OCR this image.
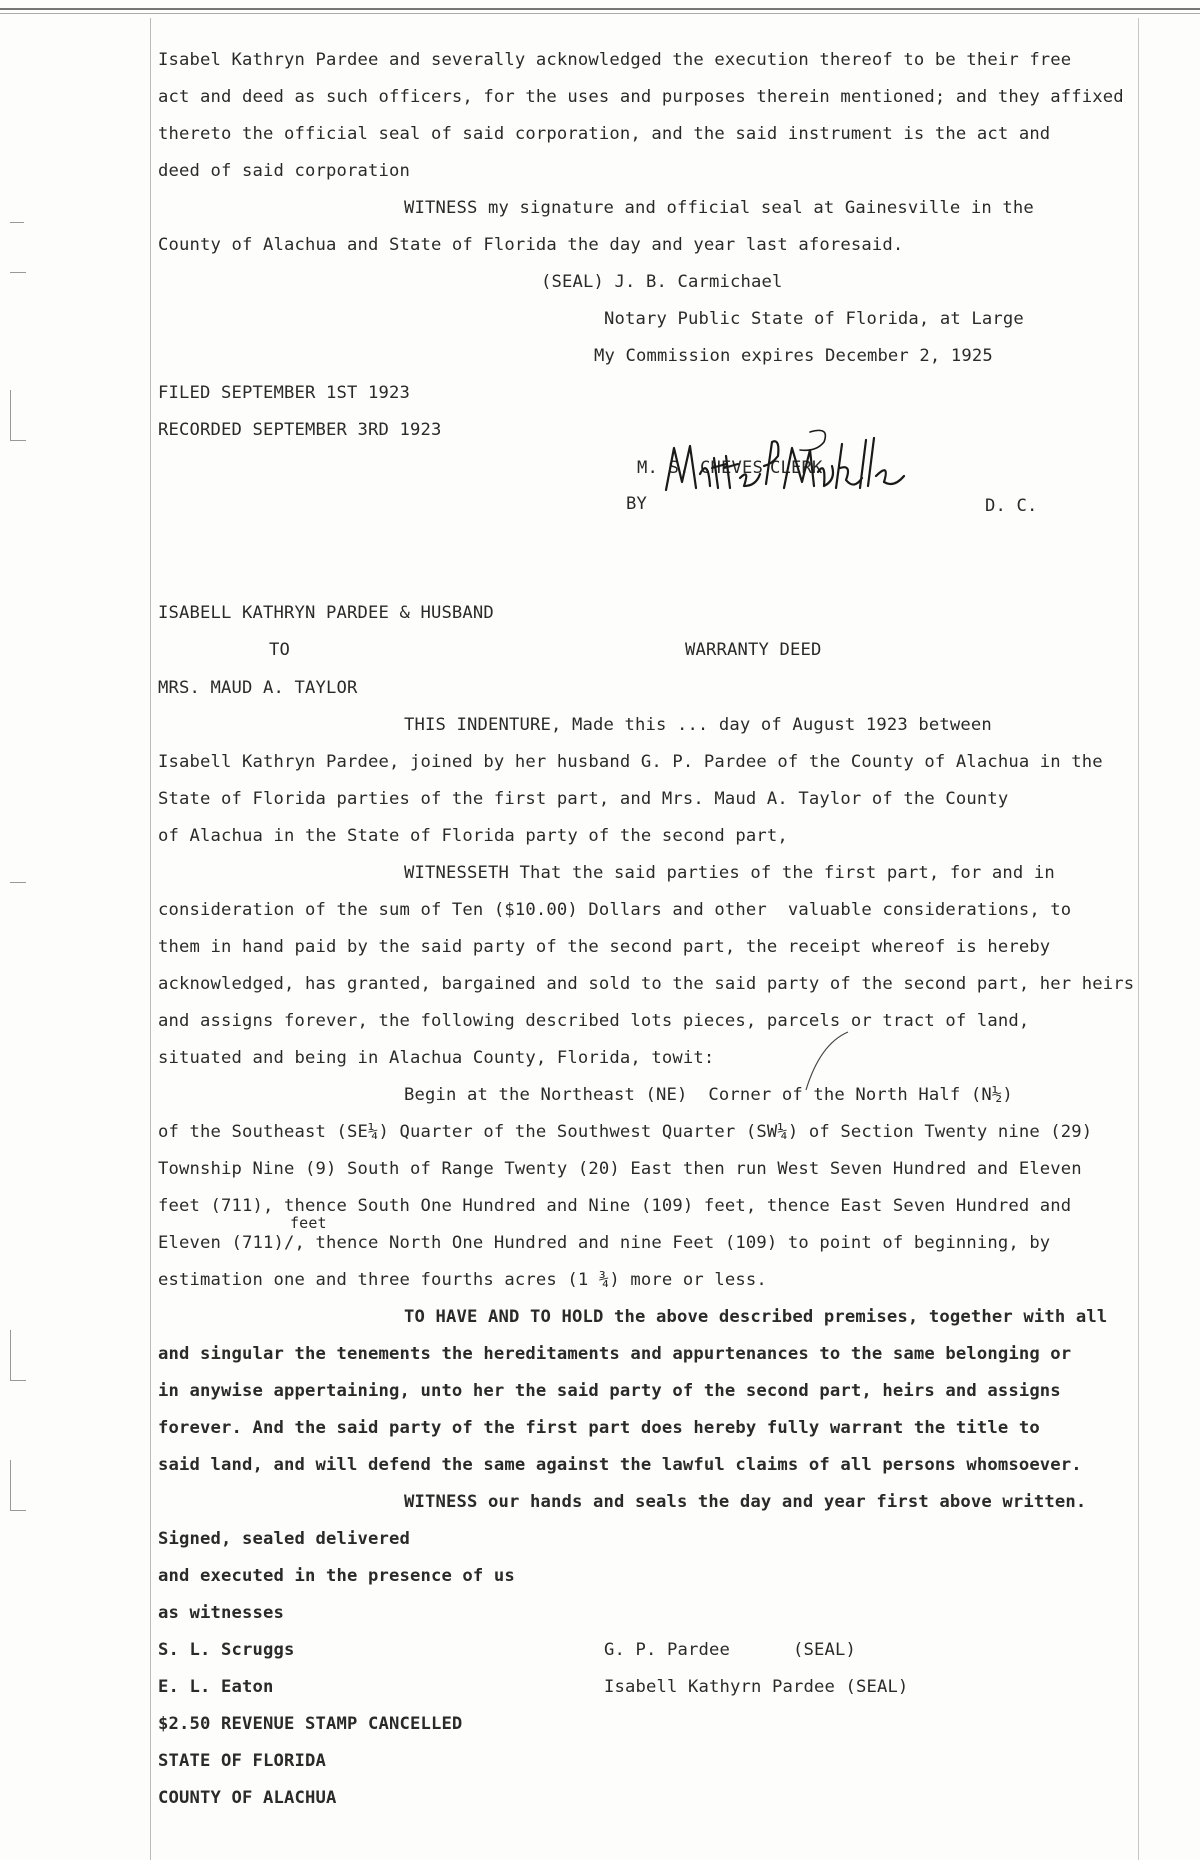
Isabel Kathryn Pardee and severally acknowledged the execution thereof to be their free
act and deed as such officers, for the uses and purposes therein mentioned; and they affixed
thereto the official seal of said corporation, and the said instrument is the act and
deed of said corporation
WITNESS my signature and official seal at Gainesville in the
County of Alachua and State of Florida the day and year last aforesaid.
(SEAL) J. B. Carmichael
Notary Public State of Florida, at Large
My Commission expires December 2, 1925
FILED SEPTEMBER 1ST 1923
RECORDED SEPTEMBER 3RD 1923
M. S. CHEVES CLERK
BY	D. C.
ISABELL KATHRYN PARDEE & HUSBAND
TO	WARRANTY DEED
MRS. MAUD A. TAYLOR
THIS INDENTURE, Made this ... day of August 1923 between
Isabell Kathryn Pardee, joined by her husband G. P. Pardee of the County of Alachua in the
State of Florida parties of the first part, and Mrs. Maud A. Taylor of the County
of Alachua in the State of Florida party of the second part,
WITNESSETH That the said parties of the first part, for and in
consideration of the sum of Ten ($10.00) Dollars and other  valuable considerations, to
them in hand paid by the said party of the second part, the receipt whereof is hereby
acknowledged, has granted, bargained and sold to the said party of the second part, her heirs
and assigns forever, the following described lots pieces, parcels or tract of land,
situated and being in Alachua County, Florida, towit:
Begin at the Northeast (NE)  Corner of the North Half (N½)
of the Southeast (SE¼) Quarter of the Southwest Quarter (SW¼) of Section Twenty nine (29)
Township Nine (9) South of Range Twenty (20) East then run West Seven Hundred and Eleven
feet (711), thence South One Hundred and Nine (109) feet, thence East Seven Hundred and
feet
Eleven (711)/, thence North One Hundred and nine Feet (109) to point of beginning, by
estimation one and three fourths acres (1 ¾) more or less.
TO HAVE AND TO HOLD the above described premises, together with all
and singular the tenements the hereditaments and appurtenances to the same belonging or
in anywise appertaining, unto her the said party of the second part, heirs and assigns
forever. And the said party of the first part does hereby fully warrant the title to
said land, and will defend the same against the lawful claims of all persons whomsoever.
WITNESS our hands and seals the day and year first above written.
Signed, sealed delivered
and executed in the presence of us
as witnesses
S. L. Scruggs	G. P. Pardee      (SEAL)
E. L. Eaton	Isabell Kathyrn Pardee (SEAL)
$2.50 REVENUE STAMP CANCELLED
STATE OF FLORIDA
COUNTY OF ALACHUA
